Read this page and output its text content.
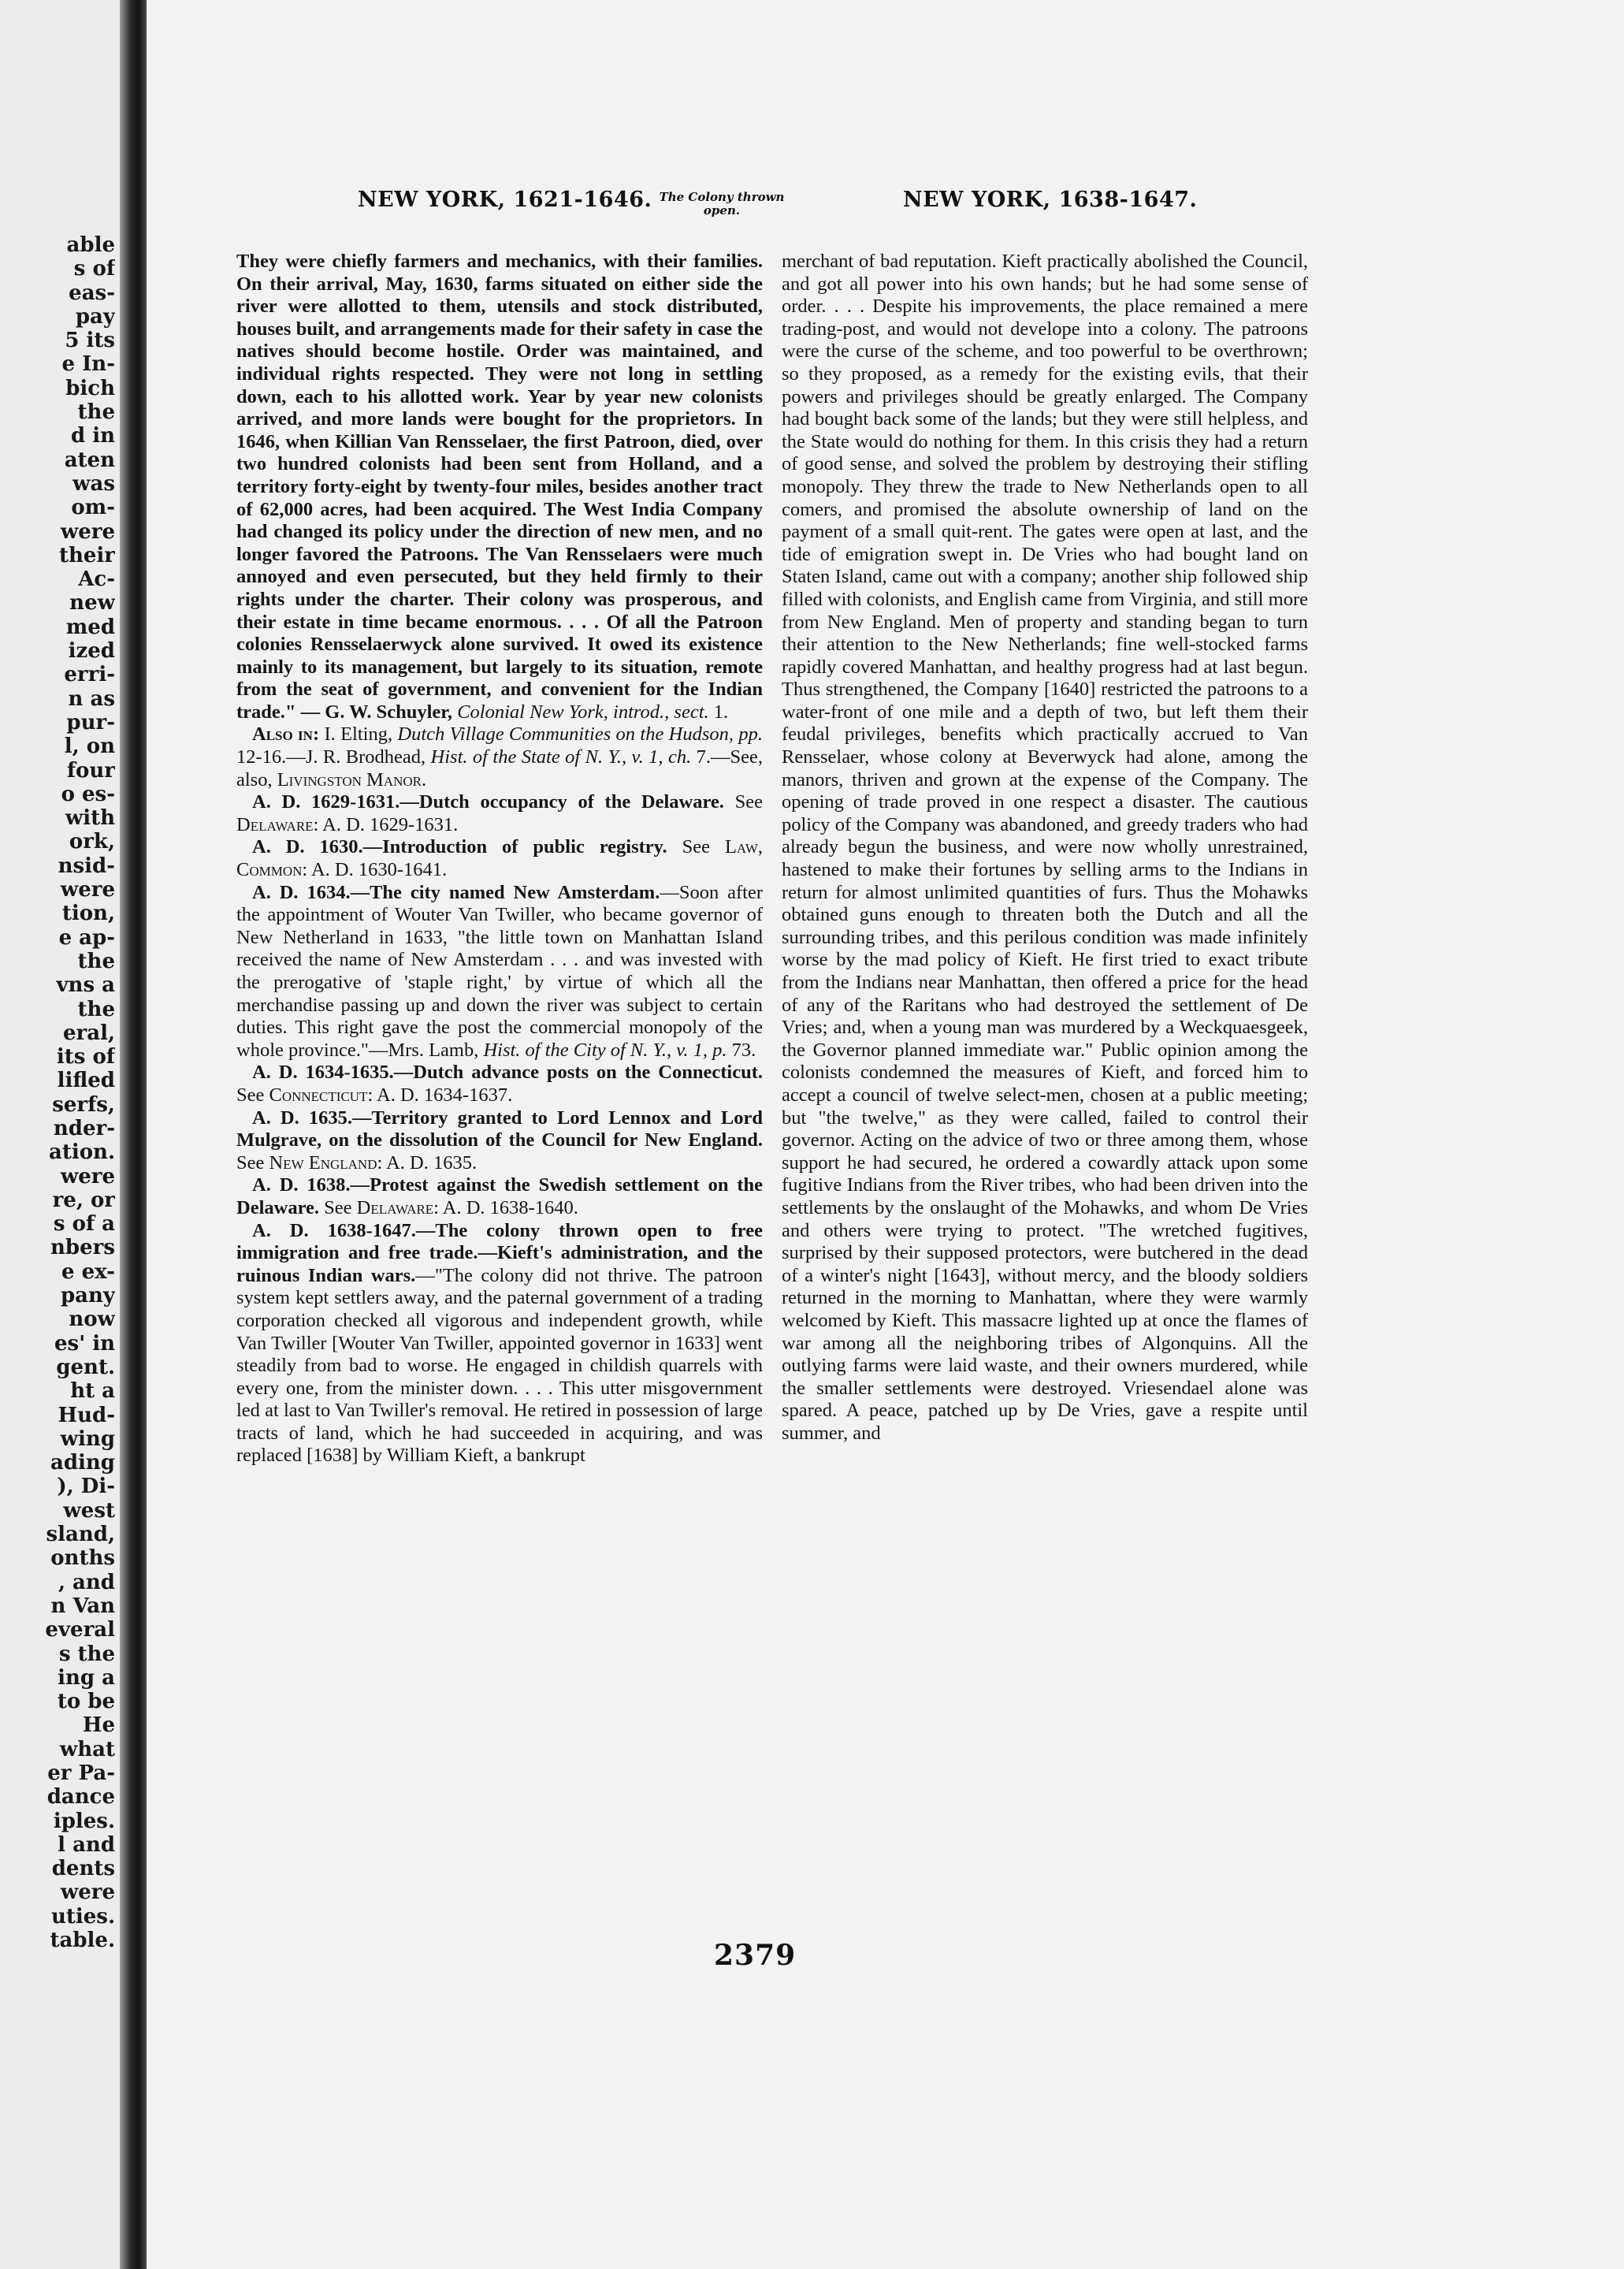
able
s of
eas-
pay
5 its
e In-
bich
the
d in
aten
was
om-
were
their
Ac-
new
med
ized
erri-
n as
pur-
l, on
four
o es-
with
ork,
nsid-
were
tion,
e ap-
the
vns a
the
eral,
its of
lifled
serfs,
nder-
ation.
were
re, or
s of a
nbers
e ex-
pany
now
es' in
gent.
ht a
Hud-
wing
ading
), Di-
west
sland,
onths
, and
n Van
everal
s the
ing a
to be
He
what
er Pa-
dance
iples.
l and
dents
were
uties.
table.
NEW YORK, 1621-1646. The Colony thrown open.	NEW YORK, 1638-1647.

They were chiefly farmers and mechanics, with their families. On their arrival, May, 1630, farms situated on either side the river were allotted to them, utensils and stock distributed, houses built, and arrangements made for their safety in case the natives should become hostile. Order was maintained, and individual rights respected. They were not long in settling down, each to his allotted work. Year by year new colonists arrived, and more lands were bought for the proprietors. In 1646, when Killian Van Rensselaer, the first Patroon, died, over two hundred colonists had been sent from Holland, and a territory forty-eight by twenty-four miles, besides another tract of 62,000 acres, had been acquired. The West India Company had changed its policy under the direction of new men, and no longer favored the Patroons. The Van Rensselaers were much annoyed and even persecuted, but they held firmly to their rights under the charter. Their colony was prosperous, and their estate in time became enormous. . . . Of all the Patroon colonies Rensselaerwyck alone survived. It owed its existence mainly to its management, but largely to its situation, remote from the seat of government, and convenient for the Indian trade." — G. W. Schuyler, Colonial New York, introd., sect. 1.

Also in: I. Elting, Dutch Village Communities on the Hudson, pp. 12-16.—J. R. Brodhead, Hist. of the State of N. Y., v. 1, ch. 7.—See, also, Livingston Manor.

A. D. 1629-1631.—Dutch occupancy of the Delaware. See Delaware: A. D. 1629-1631.

A. D. 1630.—Introduction of public registry. See Law, Common: A. D. 1630-1641.

A. D. 1634.—The city named New Amsterdam.—Soon after the appointment of Wouter Van Twiller, who became governor of New Netherland in 1633, "the little town on Manhattan Island received the name of New Amsterdam . . . and was invested with the prerogative of 'staple right,' by virtue of which all the merchandise passing up and down the river was subject to certain duties. This right gave the post the commercial monopoly of the whole province."—Mrs. Lamb, Hist. of the City of N. Y., v. 1, p. 73.

A. D. 1634-1635.—Dutch advance posts on the Connecticut. See Connecticut: A. D. 1634-1637.

A. D. 1635.—Territory granted to Lord Lennox and Lord Mulgrave, on the dissolution of the Council for New England. See New England: A. D. 1635.

A. D. 1638.—Protest against the Swedish settlement on the Delaware. See Delaware: A. D. 1638-1640.

A. D. 1638-1647.—The colony thrown open to free immigration and free trade.—Kieft's administration, and the ruinous Indian wars.—"The colony did not thrive. The patroon system kept settlers away, and the paternal government of a trading corporation checked all vigorous and independent growth, while Van Twiller [Wouter Van Twiller, appointed governor in 1633] went steadily from bad to worse. He engaged in childish quarrels with every one, from the minister down. . . . This utter misgovernment led at last to Van Twiller's removal. He retired in possession of large tracts of land, which he had succeeded in acquiring, and was replaced [1638] by William Kieft, a bankrupt

merchant of bad reputation. Kieft practically abolished the Council, and got all power into his own hands; but he had some sense of order. . . . Despite his improvements, the place remained a mere trading-post, and would not develope into a colony. The patroons were the curse of the scheme, and too powerful to be overthrown; so they proposed, as a remedy for the existing evils, that their powers and privileges should be greatly enlarged. The Company had bought back some of the lands; but they were still helpless, and the State would do nothing for them. In this crisis they had a return of good sense, and solved the problem by destroying their stifling monopoly. They threw the trade to New Netherlands open to all comers, and promised the absolute ownership of land on the payment of a small quit-rent. The gates were open at last, and the tide of emigration swept in. De Vries who had bought land on Staten Island, came out with a company; another ship followed ship filled with colonists, and English came from Virginia, and still more from New England. Men of property and standing began to turn their attention to the New Netherlands; fine well-stocked farms rapidly covered Manhattan, and healthy progress had at last begun. Thus strengthened, the Company [1640] restricted the patroons to a water-front of one mile and a depth of two, but left them their feudal privileges, benefits which practically accrued to Van Rensselaer, whose colony at Beverwyck had alone, among the manors, thriven and grown at the expense of the Company. The opening of trade proved in one respect a disaster. The cautious policy of the Company was abandoned, and greedy traders who had already begun the business, and were now wholly unrestrained, hastened to make their fortunes by selling arms to the Indians in return for almost unlimited quantities of furs. Thus the Mohawks obtained guns enough to threaten both the Dutch and all the surrounding tribes, and this perilous condition was made infinitely worse by the mad policy of Kieft. He first tried to exact tribute from the Indians near Manhattan, then offered a price for the head of any of the Raritans who had destroyed the settlement of De Vries; and, when a young man was murdered by a Weckquaesgeek, the Governor planned immediate war." Public opinion among the colonists condemned the measures of Kieft, and forced him to accept a council of twelve select-men, chosen at a public meeting; but "the twelve," as they were called, failed to control their governor. Acting on the advice of two or three among them, whose support he had secured, he ordered a cowardly attack upon some fugitive Indians from the River tribes, who had been driven into the settlements by the onslaught of the Mohawks, and whom De Vries and others were trying to protect. "The wretched fugitives, surprised by their supposed protectors, were butchered in the dead of a winter's night [1643], without mercy, and the bloody soldiers returned in the morning to Manhattan, where they were warmly welcomed by Kieft. This massacre lighted up at once the flames of war among all the neighboring tribes of Algonquins. All the outlying farms were laid waste, and their owners murdered, while the smaller settlements were destroyed. Vriesendael alone was spared. A peace, patched up by De Vries, gave a respite until summer, and

2379
